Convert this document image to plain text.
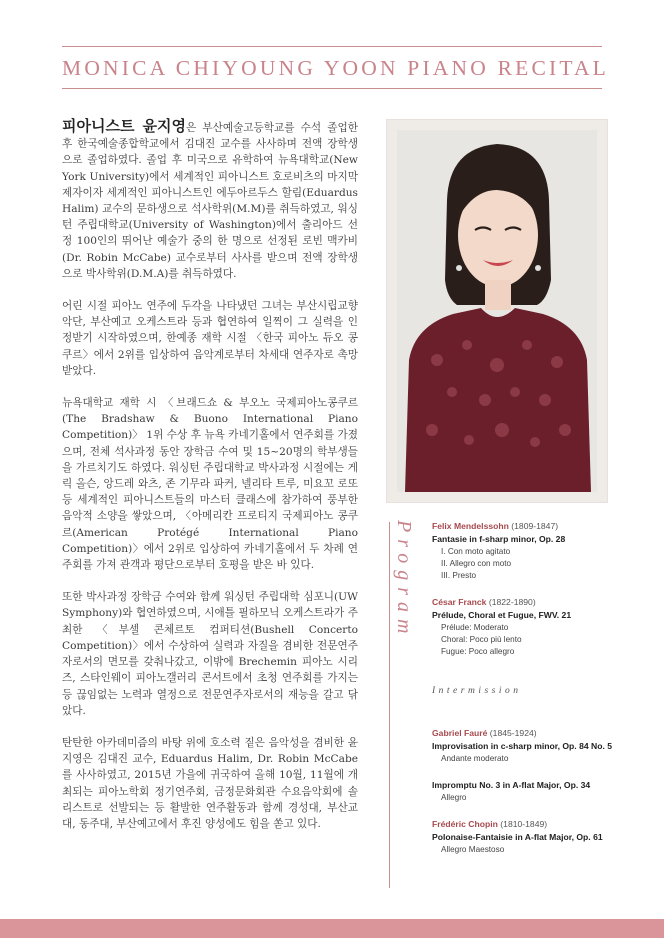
MONICA CHIYOUNG YOON PIANO RECITAL

피아니스트 윤지영은 부산예술고등학교를 수석 졸업한 후 한국예술종합학교에서 김대진 교수를 사사하며 전액 장학생으로 졸업하였다. 졸업 후 미국으로 유학하여 뉴욕대학교(New York University)에서 세계적인 피아니스트 호로비츠의 마지막 제자이자 세계적인 피아니스트인 에두아르두스 할림(Eduardus Halim) 교수의 문하생으로 석사학위(M.M)를 취득하였고, 워싱턴 주립대학교(University of Washington)에서 출리아드 선정 100인의 뛰어난 예술가 중의 한 명으로 선정된 로빈 맥카비(Dr. Robin McCabe) 교수로부터 사사를 받으며 전액 장학생으로 박사학위(D.M.A)를 취득하였다.

어린 시절 피아노 연주에 두각을 나타냈던 그녀는 부산시립교향악단, 부산예고 오케스트라 등과 협연하여 일찍이 그 실력을 인정받기 시작하였으며, 한예종 재학 시절 〈한국 피아노 듀오 콩쿠르〉에서 2위를 입상하여 음악계로부터 차세대 연주자로 촉망받았다.

뉴욕대학교 재학 시 〈브래드쇼 & 부오노 국제피아노콩쿠르(The Bradshaw & Buono International Piano Competition)〉 1위 수상 후 뉴욕 카네기홀에서 연주회를 가졌으며, 전체 석사과정 동안 장학금 수여 및 15~20명의 학부생들을 가르치기도 하였다. 워싱턴 주립대학교 박사과정 시절에는 게릭 올슨, 앙드레 와츠, 존 기무라 파커, 넬리타 트루, 미요꼬 로또 등 세계적인 피아니스트들의 마스터 클래스에 참가하여 풍부한 음악적 소양을 쌓았으며, 〈아메리칸 프로티지 국제피아노 콩쿠르(American Protégé International Piano Competition)〉에서 2위로 입상하여 카네기홀에서 두 차례 연주회를 가져 관객과 평단으로부터 호평을 받은 바 있다.

또한 박사과정 장학금 수여와 함께 워싱턴 주립대학 심포니(UW Symphony)와 협연하였으며, 시애틀 필하모닉 오케스트라가 주최한 〈부셀 콘체르토 컴퍼티션(Bushell Concerto Competition)〉에서 수상하여 실력과 자질을 겸비한 전문연주자로서의 면모를 갖춰나갔고, 이밖에 Brechemin 피아노 시리즈, 스타인웨이 피아노갤러리 콘서트에서 초청 연주회를 가지는 등 끊임없는 노력과 열정으로 전문연주자로서의 재능을 갈고 닦았다.

탄탄한 아카데미즘의 바탕 위에 호소력 짙은 음악성을 겸비한 윤지영은 김대진 교수, Eduardus Halim, Dr. Robin McCabe를 사사하였고, 2015년 가을에 귀국하여 올해 10월, 11월에 개최되는 피아노학회 정기연주회, 금정문화회관 수요음악회에 솔리스트로 선발되는 등 활발한 연주활동과 함께 경성대, 부산교대, 동주대, 부산예고에서 후진 양성에도 힘을 쏟고 있다.

Program Felix Mendelssohn (1809-1847)
Fantasie in f-sharp minor, Op. 28
I. Con moto agitato
II. Allegro con moto
III. Presto
César Franck (1822-1890)
Prélude, Choral et Fugue, FWV. 21
Prélude: Moderato
Choral: Poco più lento
Fugue: Poco allegro
Intermission
Gabriel Fauré (1845-1924)
Improvisation in c-sharp minor, Op. 84 No. 5
Andante moderato
Impromptu No. 3 in A-flat Major, Op. 34
Allegro
Frédéric Chopin (1810-1849)
Polonaise-Fantaisie in A-flat Major, Op. 61
Allegro Maestoso
